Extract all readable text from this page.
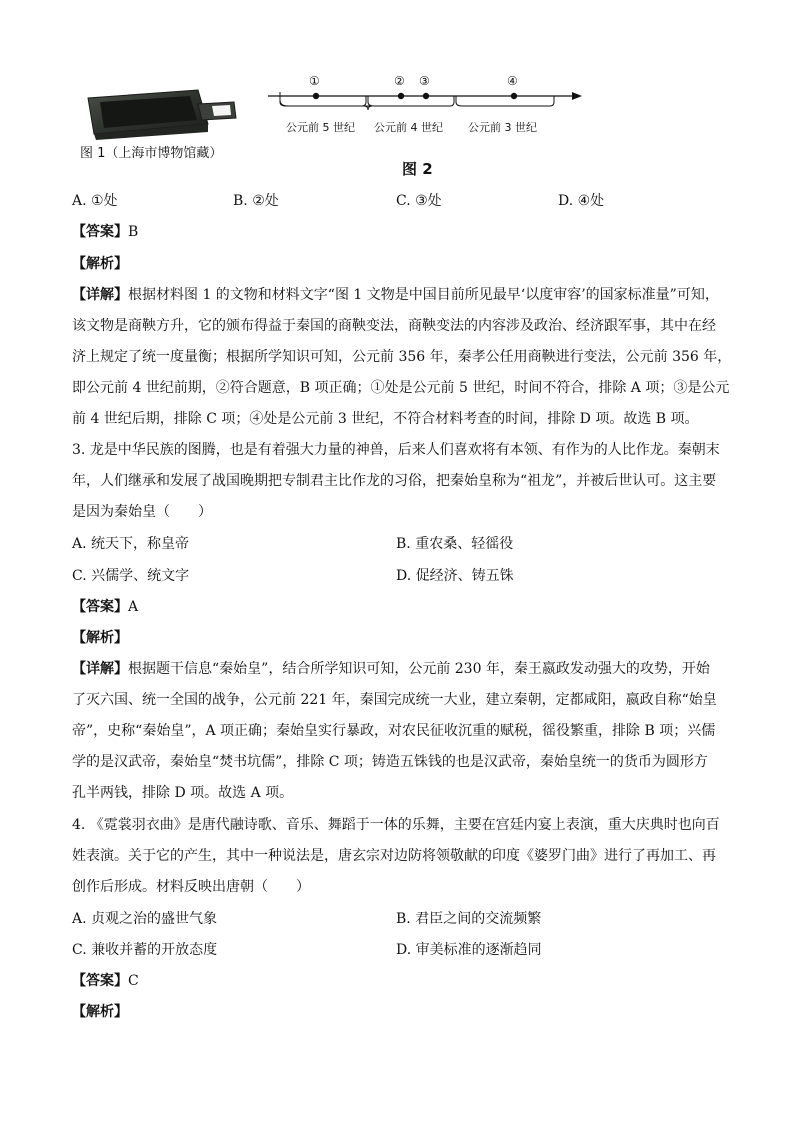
图 1（上海市博物馆藏）
①	② ③	④
公元前 5 世纪 公元前 4 世纪 公元前 3 世纪
图 2
A. ①处	B. ②处	C. ③处	D. ④处
【答案】B
【解析】
【详解】根据材料图 1 的文物和材料文字“图 1 文物是中国目前所见最早‘以度审容’的国家标准量”可知，
该文物是商鞅方升，它的颁布得益于秦国的商鞅变法，商鞅变法的内容涉及政治、经济跟军事，其中在经
济上规定了统一度量衡；根据所学知识可知，公元前 356 年，秦孝公任用商鞅进行变法，公元前 356 年，
即公元前 4 世纪前期，②符合题意，B 项正确；①处是公元前 5 世纪，时间不符合，排除 A 项；③是公元
前 4 世纪后期，排除 C 项；④处是公元前 3 世纪，不符合材料考查的时间，排除 D 项。故选 B 项。
3. 龙是中华民族的图腾，也是有着强大力量的神兽，后来人们喜欢将有本领、有作为的人比作龙。秦朝末
年，人们继承和发展了战国晚期把专制君主比作龙的习俗，把秦始皇称为“祖龙”，并被后世认可。这主要
是因为秦始皇（　　）
A. 统天下，称皇帝	B. 重农桑、轻徭役
C. 兴儒学、统文字	D. 促经济、铸五铢
【答案】A
【解析】
【详解】根据题干信息“秦始皇”，结合所学知识可知，公元前 230 年，秦王嬴政发动强大的攻势，开始
了灭六国、统一全国的战争，公元前 221 年，秦国完成统一大业，建立秦朝，定都咸阳，嬴政自称“始皇
帝”，史称“秦始皇”，A 项正确；秦始皇实行暴政，对农民征收沉重的赋税，徭役繁重，排除 B 项；兴儒
学的是汉武帝，秦始皇“焚书坑儒”，排除 C 项；铸造五铢钱的也是汉武帝，秦始皇统一的货币为圆形方
孔半两钱，排除 D 项。故选 A 项。
4. 《霓裳羽衣曲》是唐代融诗歌、音乐、舞蹈于一体的乐舞，主要在宫廷内宴上表演，重大庆典时也向百
姓表演。关于它的产生，其中一种说法是，唐玄宗对边防将领敬献的印度《婆罗门曲》进行了再加工、再
创作后形成。材料反映出唐朝（　　）
A. 贞观之治的盛世气象	B. 君臣之间的交流频繁
C. 兼收并蓄的开放态度	D. 审美标准的逐渐趋同
【答案】C
【解析】
